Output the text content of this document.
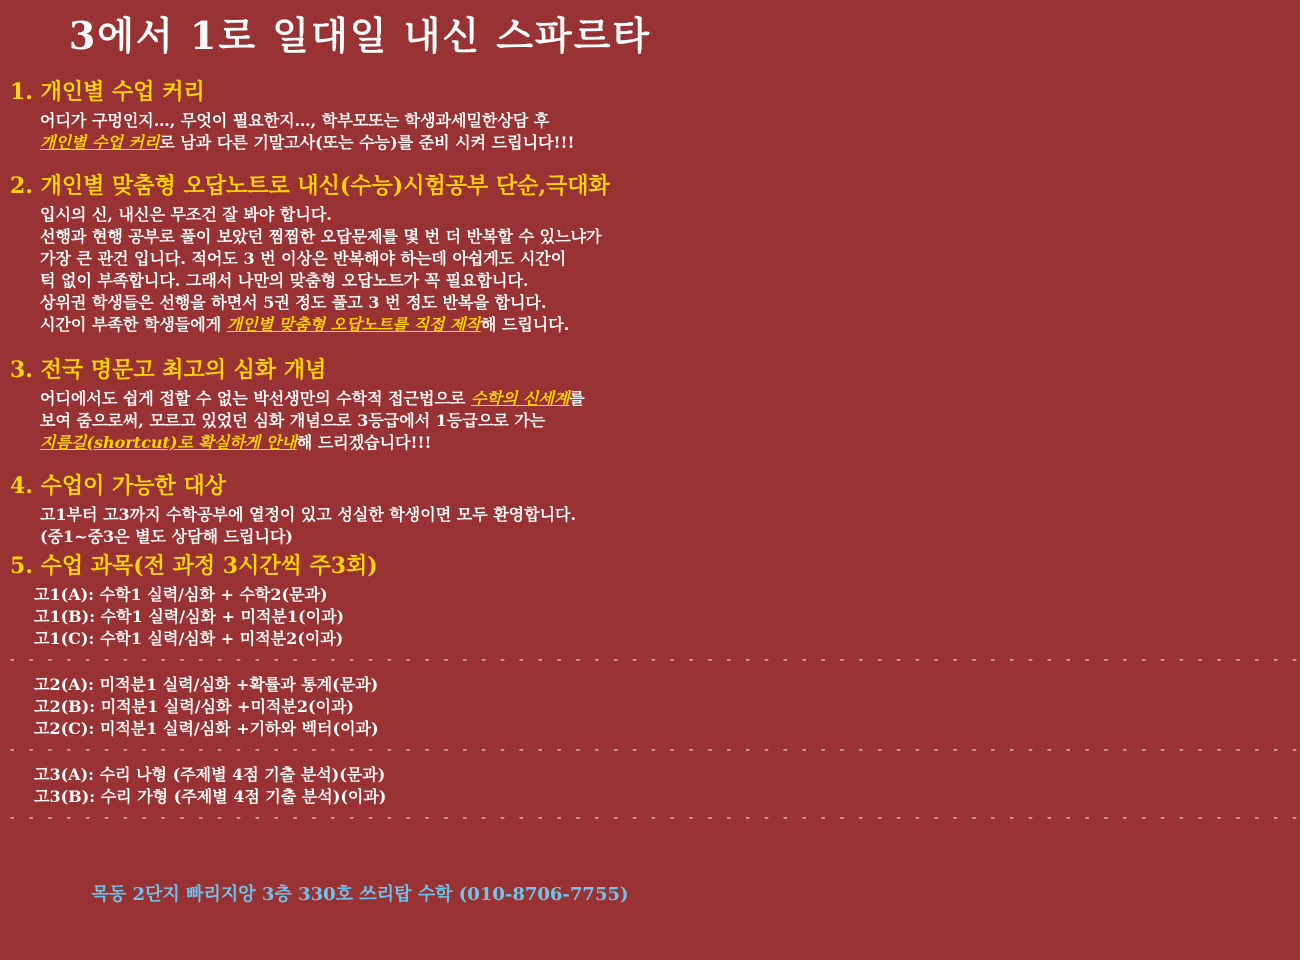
3에서 1로 일대일 내신 스파르타
1. 개인별 수업 커리
어디가 구멍인지…, 무엇이 필요한지…, 학부모또는 학생과세밀한상담 후
개인별 수업 커리로 남과 다른 기말고사(또는 수능)를 준비 시켜 드립니다!!!
2. 개인별 맞춤형 오답노트로 내신(수능)시험공부 단순,극대화
입시의 신, 내신은 무조건 잘 봐야 합니다.
선행과 현행 공부로 풀이 보았던 찜찜한 오답문제를 몇 번 더 반복할 수 있느냐가
가장 큰 관건 입니다. 적어도 3 번 이상은 반복해야 하는데 아쉽게도 시간이
턱 없이 부족합니다. 그래서 나만의 맞춤형 오답노트가 꼭 필요합니다.
상위권 학생들은 선행을 하면서 5권 정도 풀고 3 번 정도 반복을 합니다.
시간이 부족한 학생들에게 개인별 맞춤형 오답노트를 직접 제작해 드립니다.
3. 전국 명문고 최고의 심화 개념
어디에서도 쉽게 접할 수 없는 박선생만의 수학적 접근법으로 수학의 신세계를
보여 줌으로써, 모르고 있었던 심화 개념으로 3등급에서 1등급으로 가는
지름길(shortcut)로 확실하게 안내해 드리겠습니다!!!
4. 수업이 가능한 대상
고1부터 고3까지 수학공부에 열정이 있고 성실한 학생이면 모두 환영합니다.
(중1~중3은 별도 상담해 드립니다)
5. 수업 과목(전 과정 3시간씩 주3회)
고1(A): 수학1 실력/심화 + 수학2(문과)
고1(B): 수학1 실력/심화 + 미적분1(이과)
고1(C): 수학1 실력/심화 + 미적분2(이과)
- - - - - - - - - - - - - - - - - - - - - - - - - - - - - - - - - - - - - - - - - - - - - - - - - - - - - - - - - - - - - - - - - - - - -
고2(A): 미적분1 실력/심화 +확률과 통계(문과)
고2(B): 미적분1 실력/심화 +미적분2(이과)
고2(C): 미적분1 실력/심화 +기하와 벡터(이과)
- - - - - - - - - - - - - - - - - - - - - - - - - - - - - - - - - - - - - - - - - - - - - - - - - - - - - - - - - - - - - - - - - - - - -
고3(A): 수리 나형 (주제별 4점 기출 분석)(문과)
고3(B): 수리 가형 (주제별 4점 기출 분석)(이과)
- - - - - - - - - - - - - - - - - - - - - - - - - - - - - - - - - - - - - - - - - - - - - - - - - - - - - - - - - - - - - - - - - - - - -
목동 2단지 빠리지앙 3층 330호 쓰리탑 수학 (010-8706-7755)
